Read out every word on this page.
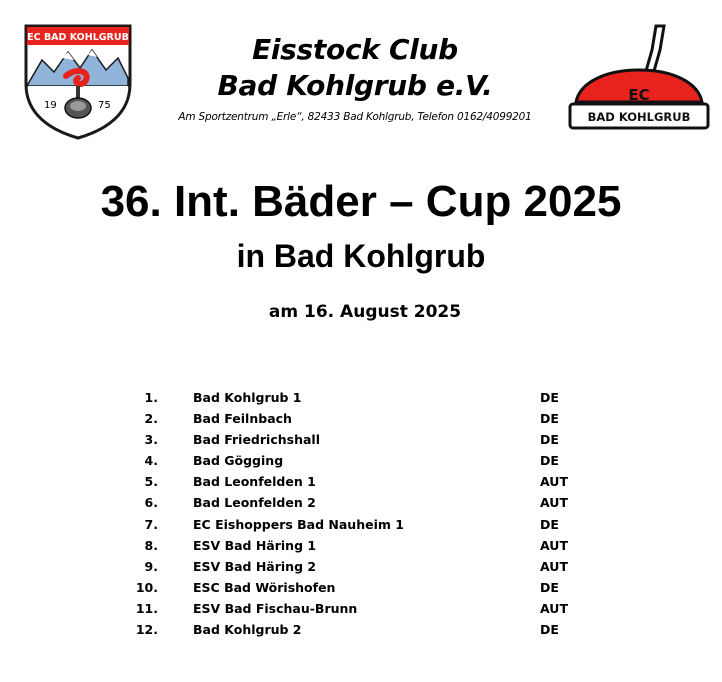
EC BAD KOHLGRUB
19	75
Eisstock Club
Bad Kohlgrub e.V.
Am Sportzentrum „Erle“, 82433 Bad Kohlgrub, Telefon 0162/4099201
EC
BAD KOHLGRUB
36. Int. Bäder – Cup 2025
in Bad Kohlgrub
am 16. August 2025
1.	Bad Kohlgrub 1	DE
2.	Bad Feilnbach	DE
3.	Bad Friedrichshall	DE
4.	Bad Gögging	DE
5.	Bad Leonfelden 1	AUT
6.	Bad Leonfelden 2	AUT
7.	EC Eishoppers Bad Nauheim 1	DE
8.	ESV Bad Häring 1	AUT
9.	ESV Bad Häring 2	AUT
10.	ESC Bad Wörishofen	DE
11.	ESV Bad Fischau-Brunn	AUT
12.	Bad Kohlgrub 2	DE
